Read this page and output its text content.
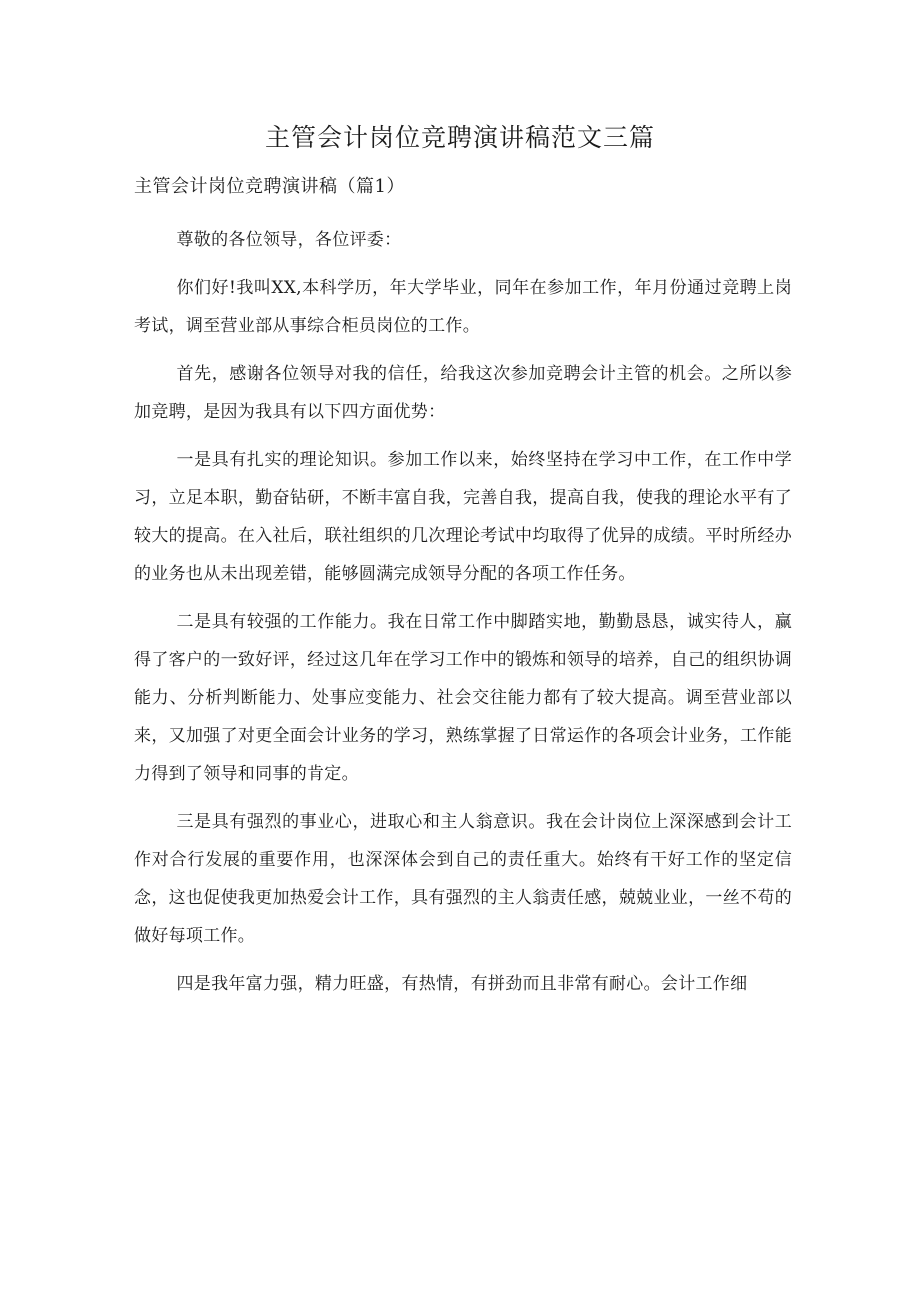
主管会计岗位竞聘演讲稿范文三篇
主管会计岗位竞聘演讲稿（篇1）

尊敬的各位领导，各位评委：

你们好!我叫XX,本科学历，年大学毕业，同年在参加工作，年月份通过竞聘上岗考试，调至营业部从事综合柜员岗位的工作。

首先，感谢各位领导对我的信任，给我这次参加竞聘会计主管的机会。之所以参加竞聘，是因为我具有以下四方面优势：

一是具有扎实的理论知识。参加工作以来，始终坚持在学习中工作，在工作中学习，立足本职，勤奋钻研，不断丰富自我，完善自我，提高自我，使我的理论水平有了较大的提高。在入社后，联社组织的几次理论考试中均取得了优异的成绩。平时所经办的业务也从未出现差错，能够圆满完成领导分配的各项工作任务。

二是具有较强的工作能力。我在日常工作中脚踏实地，勤勤恳恳，诚实待人，赢得了客户的一致好评，经过这几年在学习工作中的锻炼和领导的培养，自己的组织协调能力、分析判断能力、处事应变能力、社会交往能力都有了较大提高。调至营业部以来，又加强了对更全面会计业务的学习，熟练掌握了日常运作的各项会计业务，工作能力得到了领导和同事的肯定。

三是具有强烈的事业心，进取心和主人翁意识。我在会计岗位上深深感到会计工作对合行发展的重要作用，也深深体会到自己的责任重大。始终有干好工作的坚定信念，这也促使我更加热爱会计工作，具有强烈的主人翁责任感，兢兢业业，一丝不苟的做好每项工作。

四是我年富力强，精力旺盛，有热情，有拼劲而且非常有耐心。会计工作细
